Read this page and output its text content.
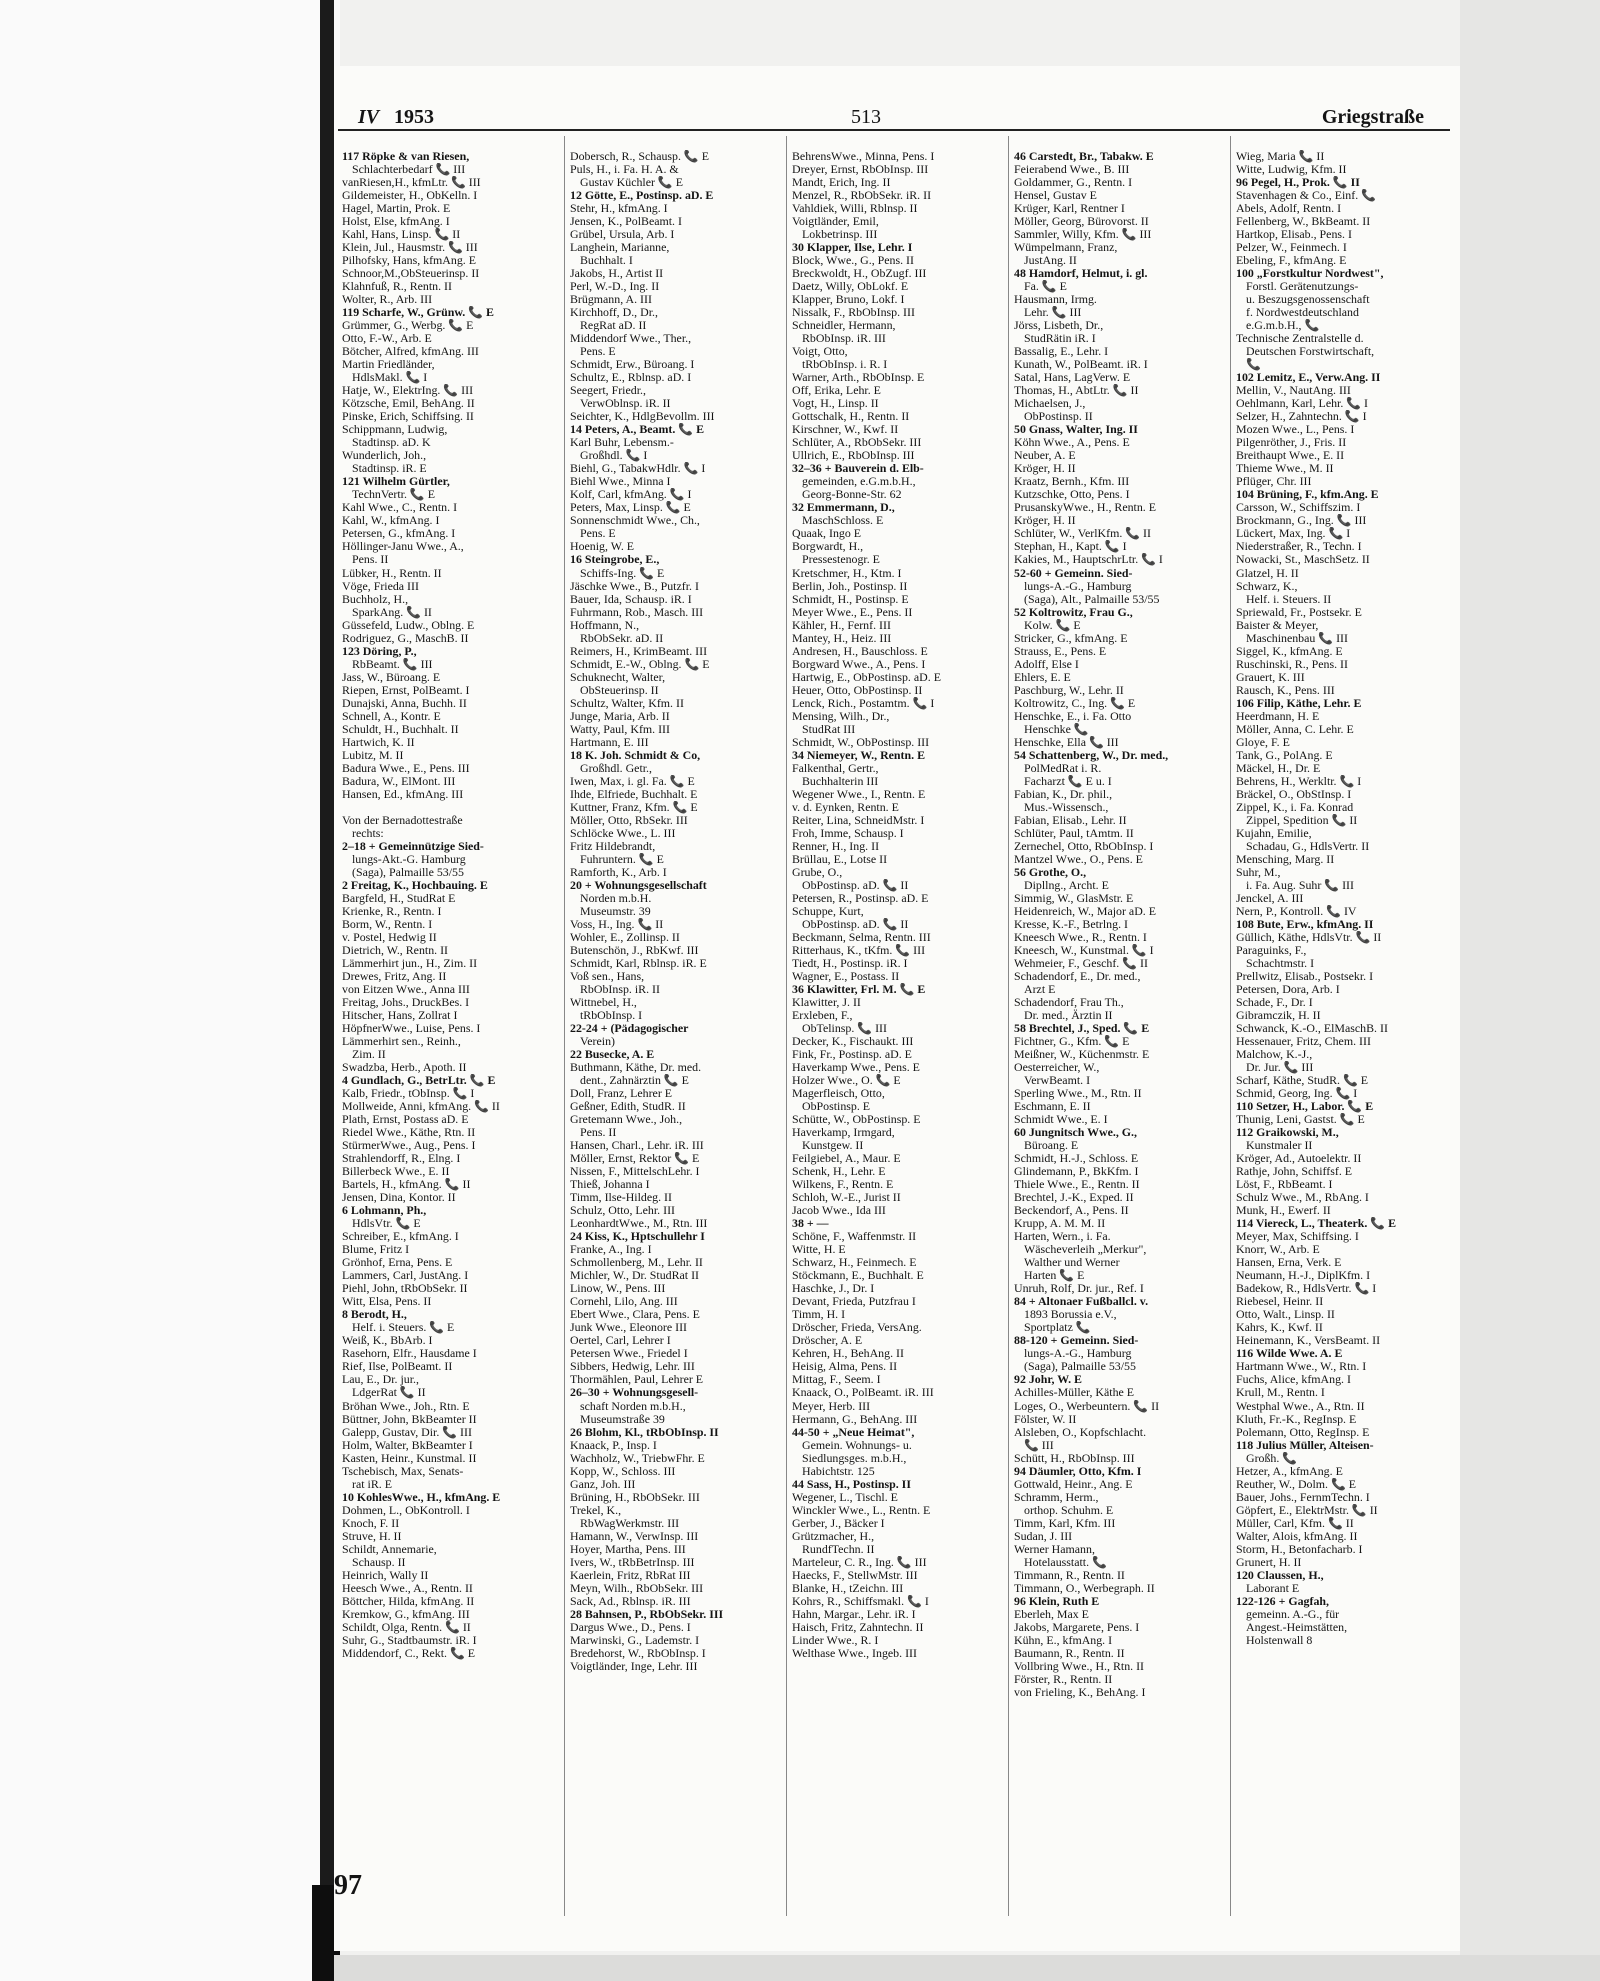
IV 1953	513	Griegstraße
117 Röpke & van Riesen,
Schlachterbedarf 📞 III
vanRiesen,H., kfmLtr. 📞 III
Gildemeister, H., ObKelln. I
Hagel, Martin, Prok. E
Holst, Else, kfmAng. I
Kahl, Hans, Linsp. 📞 II
Klein, Jul., Hausmstr. 📞 III
Pilhofsky, Hans, kfmAng. E
Schnoor,M.,ObSteuerinsp. II
Klahnfuß, R., Rentn. II
Wolter, R., Arb. III
119 Scharfe, W., Grünw. 📞 E
Grümmer, G., Werbg. 📞 E
Otto, F.-W., Arb. E
Bötcher, Alfred, kfmAng. III
Martin Friedländer,
HdlsMakl. 📞 I
Hatje, W., ElektrIng. 📞 III
Kötzsche, Emil, BehAng. II
Pinske, Erich, Schiffsing. II
Schippmann, Ludwig,
Stadtinsp. aD. K
Wunderlich, Joh.,
Stadtinsp. iR. E
121 Wilhelm Gürtler,
TechnVertr. 📞 E
Kahl Wwe., C., Rentn. I
Kahl, W., kfmAng. I
Petersen, G., kfmAng. I
Höllinger-Janu Wwe., A.,
Pens. II
Lübker, H., Rentn. II
Vöge, Frieda III
Buchholz, H.,
SparkAng. 📞 II
Güssefeld, Ludw., Oblng. E
Rodriguez, G., MaschB. II
123 Döring, P.,
RbBeamt. 📞 III
Jass, W., Büroang. E
Riepen, Ernst, PolBeamt. I
Dunajski, Anna, Buchh. II
Schnell, A., Kontr. E
Schuldt, H., Buchhalt. II
Hartwich, K. II
Lubitz, M. II
Badura Wwe., E., Pens. III
Badura, W., ElMont. III
Hansen, Ed., kfmAng. III
Von der Bernadottestraße
rechts:
2–18 + Gemeinnützige Sied-
lungs-Akt.-G. Hamburg
(Saga), Palmaille 53/55
2 Freitag, K., Hochbauing. E
Bargfeld, H., StudRat E
Krienke, R., Rentn. I
Borm, W., Rentn. I
v. Postel, Hedwig II
Dietrich, W., Rentn. II
Lämmerhirt jun., H., Zim. II
Drewes, Fritz, Ang. II
von Eitzen Wwe., Anna III
Freitag, Johs., DruckBes. I
Hitscher, Hans, Zollrat I
HöpfnerWwe., Luise, Pens. I
Lämmerhirt sen., Reinh.,
Zim. II
Swadzba, Herb., Apoth. II
4 Gundlach, G., BetrLtr. 📞 E
Kalb, Friedr., tObInsp. 📞 I
Mollweide, Anni, kfmAng. 📞 II
Plath, Ernst, Postass aD. E
Riedel Wwe., Käthe, Rtn. II
StürmerWwe., Aug., Pens. I
Strahlendorff, R., Elng. I
Billerbeck Wwe., E. II
Bartels, H., kfmAng. 📞 II
Jensen, Dina, Kontor. II
6 Lohmann, Ph.,
HdlsVtr. 📞 E
Schreiber, E., kfmAng. I
Blume, Fritz I
Grönhof, Erna, Pens. E
Lammers, Carl, JustAng. I
Piehl, John, tRbObSekr. II
Witt, Elsa, Pens. II
8 Berodt, H.,
Helf. i. Steuers. 📞 E
Weiß, K., BbArb. I
Rasehorn, Elfr., Hausdame I
Rief, Ilse, PolBeamt. II
Lau, E., Dr. jur.,
LdgerRat 📞 II
Bröhan Wwe., Joh., Rtn. E
Büttner, John, BkBeamter II
Galepp, Gustav, Dir. 📞 III
Holm, Walter, BkBeamter I
Kasten, Heinr., Kunstmal. II
Tschebisch, Max, Senats-
rat iR. E
10 KohlesWwe., H., kfmAng. E
Dohmen, L., ObKontroll. I
Knoch, F. II
Struve, H. II
Schildt, Annemarie,
Schausp. II
Heinrich, Wally II
Heesch Wwe., A., Rentn. II
Böttcher, Hilda, kfmAng. II
Kremkow, G., kfmAng. III
Schildt, Olga, Rentn. 📞 II
Suhr, G., Stadtbaumstr. iR. I
Middendorf, C., Rekt. 📞 E
Dobersch, R., Schausp. 📞 E
Puls, H., i. Fa. H. A. &
Gustav Küchler 📞 E
12 Götte, E., Postinsp. aD. E
Stehr, H., kfmAng. I
Jensen, K., PolBeamt. I
Grübel, Ursula, Arb. I
Langhein, Marianne,
Buchhalt. I
Jakobs, H., Artist II
Perl, W.-D., Ing. II
Brügmann, A. III
Kirchhoff, D., Dr.,
RegRat aD. II
Middendorf Wwe., Ther.,
Pens. E
Schmidt, Erw., Büroang. I
Schultz, E., Rblnsp. aD. I
Seegert, Friedr.,
VerwOblnsp. iR. II
Seichter, K., HdlgBevollm. III
14 Peters, A., Beamt. 📞 E
Karl Buhr, Lebensm.-
Großhdl. 📞 I
Biehl, G., TabakwHdlr. 📞 I
Biehl Wwe., Minna I
Kolf, Carl, kfmAng. 📞 I
Peters, Max, Linsp. 📞 E
Sonnenschmidt Wwe., Ch.,
Pens. E
Hoenig, W. E
16 Steingrobe, E.,
Schiffs-Ing. 📞 E
Jäschke Wwe., B., Putzfr. I
Bauer, Ida, Schausp. iR. I
Fuhrmann, Rob., Masch. III
Hoffmann, N.,
RbObSekr. aD. II
Reimers, H., KrimBeamt. III
Schmidt, E.-W., Oblng. 📞 E
Schuknecht, Walter,
ObSteuerinsp. II
Schultz, Walter, Kfm. II
Junge, Maria, Arb. II
Watty, Paul, Kfm. III
Hartmann, E. III
18 K. Joh. Schmidt & Co,
Großhdl. Getr.,
Iwen, Max, i. gl. Fa. 📞 E
Ihde, Elfriede, Buchhalt. E
Kuttner, Franz, Kfm. 📞 E
Möller, Otto, RbSekr. III
Schlöcke Wwe., L. III
Fritz Hildebrandt,
Fuhruntern. 📞 E
Ramforth, K., Arb. I
20 + Wohnungsgesellschaft
Norden m.b.H.
Museumstr. 39
Voss, H., Ing. 📞 II
Wohler, E., Zollinsp. II
Butenschön, J., RbKwf. III
Schmidt, Karl, Rblnsp. iR. E
Voß sen., Hans,
RbObInsp. iR. II
Wittnebel, H.,
tRbObInsp. I
22-24 + (Pädagogischer
Verein)
22 Busecke, A. E
Buthmann, Käthe, Dr. med.
dent., Zahnärztin 📞 E
Doll, Franz, Lehrer E
Geßner, Edith, StudR. II
Gretemann Wwe., Joh.,
Pens. II
Hansen, Charl., Lehr. iR. III
Möller, Ernst, Rektor 📞 E
Nissen, F., MittelschLehr. I
Thieß, Johanna I
Timm, Ilse-Hildeg. II
Schulz, Otto, Lehr. III
LeonhardtWwe., M., Rtn. III
24 Kiss, K., Hptschullehr I
Franke, A., Ing. I
Schmollenberg, M., Lehr. II
Michler, W., Dr. StudRat II
Linow, W., Pens. III
Cornehl, Lilo, Ang. III
Ebert Wwe., Clara, Pens. E
Junk Wwe., Eleonore III
Oertel, Carl, Lehrer I
Petersen Wwe., Friedel I
Sibbers, Hedwig, Lehr. III
Thormählen, Paul, Lehrer E
26–30 + Wohnungsgesell-
schaft Norden m.b.H.,
Museumstraße 39
26 Blohm, Kl., tRbObInsp. II
Knaack, P., Insp. I
Wachholz, W., TriebwFhr. E
Kopp, W., Schloss. III
Ganz, Joh. III
Brüning, H., RbObSekr. III
Trekel, K.,
RbWagWerkmstr. III
Hamann, W., VerwInsp. III
Hoyer, Martha, Pens. III
Ivers, W., tRbBetrInsp. III
Kaerlein, Fritz, RbRat III
Meyn, Wilh., RbObSekr. III
Sack, Ad., Rblnsp. iR. III
28 Bahnsen, P., RbObSekr. III
Dargus Wwe., D., Pens. I
Marwinski, G., Lademstr. I
Bredehorst, W., RbObInsp. I
Voigtländer, Inge, Lehr. III
BehrensWwe., Minna, Pens. I
Dreyer, Ernst, RbObInsp. III
Mandt, Erich, Ing. II
Menzel, R., RbObSekr. iR. II
Vahldiek, Willi, Rblnsp. II
Voigtländer, Emil,
Lokbetrinsp. III
30 Klapper, Ilse, Lehr. I
Block, Wwe., G., Pens. II
Breckwoldt, H., ObZugf. III
Daetz, Willy, ObLokf. E
Klapper, Bruno, Lokf. I
Nissalk, F., RbObInsp. III
Schneidler, Hermann,
RbObInsp. iR. III
Voigt, Otto,
tRbObInsp. i. R. I
Warner, Arth., RbObInsp. E
Off, Erika, Lehr. E
Vogt, H., Linsp. II
Gottschalk, H., Rentn. II
Kirschner, W., Kwf. II
Schlüter, A., RbObSekr. III
Ullrich, E., RbObInsp. III
32–36 + Bauverein d. Elb-
gemeinden, e.G.m.b.H.,
Georg-Bonne-Str. 62
32 Emmermann, D.,
MaschSchloss. E
Quaak, Ingo E
Borgwardt, H.,
Pressestenogr. E
Kretschmer, H., Ktm. I
Berlin, Joh., Postinsp. II
Schmidt, H., Postinsp. E
Meyer Wwe., E., Pens. II
Kähler, H., Fernf. III
Mantey, H., Heiz. III
Andresen, H., Bauschloss. E
Borgward Wwe., A., Pens. I
Hartwig, E., ObPostinsp. aD. E
Heuer, Otto, ObPostinsp. II
Lenck, Rich., Postamtm. 📞 I
Mensing, Wilh., Dr.,
StudRat III
Schmidt, W., ObPostinsp. III
34 Niemeyer, W., Rentn. E
Falkenthal, Gertr.,
Buchhalterin III
Wegener Wwe., I., Rentn. E
v. d. Eynken, Rentn. E
Reiter, Lina, SchneidMstr. I
Froh, Imme, Schausp. I
Renner, H., Ing. II
Brüllau, E., Lotse II
Grube, O.,
ObPostinsp. aD. 📞 II
Petersen, R., Postinsp. aD. E
Schuppe, Kurt,
ObPostinsp. aD. 📞 II
Beckmann, Selma, Rentn. III
Ritterhaus, K., tKfm. 📞 III
Tiedt, H., Postinsp. iR. I
Wagner, E., Postass. II
36 Klawitter, Frl. M. 📞 E
Klawitter, J. II
Erxleben, F.,
ObTelinsp. 📞 III
Decker, K., Fischaukt. III
Fink, Fr., Postinsp. aD. E
Haverkamp Wwe., Pens. E
Holzer Wwe., O. 📞 E
Magerfleisch, Otto,
ObPostinsp. E
Schütte, W., ObPostinsp. E
Haverkamp, Irmgard,
Kunstgew. II
Feilgiebel, A., Maur. E
Schenk, H., Lehr. E
Wilkens, F., Rentn. E
Schloh, W.-E., Jurist II
Jacob Wwe., Ida III
38 + —
Schöne, F., Waffenmstr. II
Witte, H. E
Schwarz, H., Feinmech. E
Stöckmann, E., Buchhalt. E
Haschke, J., Dr. I
Devant, Frieda, Putzfrau I
Timm, H. I
Dröscher, Frieda, VersAng.
Dröscher, A. E
Kehren, H., BehAng. II
Heisig, Alma, Pens. II
Mittag, F., Seem. I
Knaack, O., PolBeamt. iR. III
Meyer, Herb. III
Hermann, G., BehAng. III
44-50 + „Neue Heimat",
Gemein. Wohnungs- u.
Siedlungsges. m.b.H.,
Habichtstr. 125
44 Sass, H., Postinsp. II
Wegener, L., Tischl. E
Winckler Wwe., L., Rentn. E
Gerber, J., Bäcker I
Grützmacher, H.,
RundfTechn. II
Marteleur, C. R., Ing. 📞 III
Haecks, F., StellwMstr. III
Blanke, H., tZeichn. III
Kohrs, R., Schiffsmakl. 📞 I
Hahn, Margar., Lehr. iR. I
Haisch, Fritz, Zahntechn. II
Linder Wwe., R. I
Welthase Wwe., Ingeb. III
46 Carstedt, Br., Tabakw. E
Feierabend Wwe., B. III
Goldammer, G., Rentn. I
Hensel, Gustav E
Krüger, Karl, Rentner I
Möller, Georg, Bürovorst. II
Sammler, Willy, Kfm. 📞 III
Wümpelmann, Franz,
JustAng. II
48 Hamdorf, Helmut, i. gl.
Fa. 📞 E
Hausmann, Irmg.
Lehr. 📞 III
Jörss, Lisbeth, Dr.,
StudRätin iR. I
Bassalig, E., Lehr. I
Kunath, W., PolBeamt. iR. I
Satal, Hans, LagVerw. E
Thomas, H., AbtLtr. 📞 II
Michaelsen, J.,
ObPostinsp. II
50 Gnass, Walter, Ing. II
Köhn Wwe., A., Pens. E
Neuber, A. E
Kröger, H. II
Kraatz, Bernh., Kfm. III
Kutzschke, Otto, Pens. I
PrusanskyWwe., H., Rentn. E
Kröger, H. II
Schlüter, W., VerlKfm. 📞 II
Stephan, H., Kapt. 📞 I
Kakies, M., HauptschrLtr. 📞 I
52-60 + Gemeinn. Sied-
lungs-A.-G., Hamburg
(Saga), Alt., Palmaille 53/55
52 Koltrowitz, Frau G.,
Kolw. 📞 E
Stricker, G., kfmAng. E
Strauss, E., Pens. E
Adolff, Else I
Ehlers, E. E
Paschburg, W., Lehr. II
Koltrowitz, C., Ing. 📞 E
Henschke, E., i. Fa. Otto
Henschke 📞
Henschke, Ella 📞 III
54 Schattenberg, W., Dr. med.,
PolMedRat i. R.
Facharzt 📞 E u. I
Fabian, K., Dr. phil.,
Mus.-Wissensch.,
Fabian, Elisab., Lehr. II
Schlüter, Paul, tAmtm. II
Zernechel, Otto, RbObInsp. I
Mantzel Wwe., O., Pens. E
56 Grothe, O.,
Dipllng., Archt. E
Simmig, W., GlasMstr. E
Heidenreich, W., Major aD. E
Kresse, K.-F., Betrlng. I
Kneesch Wwe., R., Rentn. I
Kneesch, W., Kunstmal. 📞 I
Wehmeier, F., Geschf. 📞 II
Schadendorf, E., Dr. med.,
Arzt E
Schadendorf, Frau Th.,
Dr. med., Ärztin II
58 Brechtel, J., Sped. 📞 E
Fichtner, G., Kfm. 📞 E
Meißner, W., Küchenmstr. E
Oesterreicher, W.,
VerwBeamt. I
Sperling Wwe., M., Rtn. II
Eschmann, E. II
Schmidt Wwe., E. I
60 Jungnitsch Wwe., G.,
Büroang. E
Schmidt, H.-J., Schloss. E
Glindemann, P., BkKfm. I
Thiele Wwe., E., Rentn. II
Brechtel, J.-K., Exped. II
Beckendorf, A., Pens. II
Krupp, A. M. M. II
Harten, Wern., i. Fa.
Wäscheverleih „Merkur",
Walther und Werner
Harten 📞 E
Unruh, Rolf, Dr. jur., Ref. I
84 + Altonaer Fußballcl. v.
1893 Borussia e.V.,
Sportplatz 📞
88-120 + Gemeinn. Sied-
lungs-A.-G., Hamburg
(Saga), Palmaille 53/55
92 Johr, W. E
Achilles-Müller, Käthe E
Loges, O., Werbeuntern. 📞 II
Fölster, W. II
Alsleben, O., Kopfschlacht.
📞 III
Schütt, H., RbObInsp. III
94 Däumler, Otto, Kfm. I
Gottwald, Heinr., Ang. E
Schramm, Herm.,
orthop. Schuhm. E
Timm, Karl, Kfm. III
Sudan, J. III
Werner Hamann,
Hotelausstatt. 📞
Timmann, R., Rentn. II
Timmann, O., Werbegraph. II
96 Klein, Ruth E
Eberleh, Max E
Jakobs, Margarete, Pens. I
Kühn, E., kfmAng. I
Baumann, R., Rentn. II
Vollbring Wwe., H., Rtn. II
Förster, R., Rentn. II
von Frieling, K., BehAng. I
Wieg, Maria 📞 II
Witte, Ludwig, Kfm. II
96 Pegel, H., Prok. 📞 II
Stavenhagen & Co., Einf. 📞
Abels, Adolf, Rentn. I
Fellenberg, W., BkBeamt. II
Hartkop, Elisab., Pens. I
Pelzer, W., Feinmech. I
Ebeling, F., kfmAng. E
100 „Forstkultur Nordwest",
Forstl. Gerätenutzungs-
u. Beszugsgenossenschaft
f. Nordwestdeutschland
e.G.m.b.H., 📞
Technische Zentralstelle d.
Deutschen Forstwirtschaft,
📞
102 Lemitz, E., Verw.Ang. II
Mellin, V., NautAng. III
Oehlmann, Karl, Lehr. 📞 I
Selzer, H., Zahntechn. 📞 I
Mozen Wwe., L., Pens. I
Pilgenröther, J., Fris. II
Breithaupt Wwe., E. II
Thieme Wwe., M. II
Pflüger, Chr. III
104 Brüning, F., kfm.Ang. E
Carsson, W., Schiffszim. I
Brockmann, G., Ing. 📞 III
Lückert, Max, Ing. 📞 I
Niederstraßer, R., Techn. I
Nowacki, St., MaschSetz. II
Glatzel, H. II
Schwarz, K.,
Helf. i. Steuers. II
Spriewald, Fr., Postsekr. E
Baister & Meyer,
Maschinenbau 📞 III
Siggel, K., kfmAng. E
Ruschinski, R., Pens. II
Grauert, K. III
Rausch, K., Pens. III
106 Filip, Käthe, Lehr. E
Heerdmann, H. E
Möller, Anna, C. Lehr. E
Gloye, F. E
Tank, G., PolAng. E
Mäckel, H., Dr. E
Behrens, H., Werkltr. 📞 I
Bräckel, O., ObStInsp. I
Zippel, K., i. Fa. Konrad
Zippel, Spedition 📞 II
Kujahn, Emilie,
Schadau, G., HdlsVertr. II
Mensching, Marg. II
Suhr, M.,
i. Fa. Aug. Suhr 📞 III
Jenckel, A. III
Nern, P., Kontroll. 📞 IV
108 Bute, Erw., kfmAng. II
Güllich, Käthe, HdlsVtr. 📞 II
Paraguinks, F.,
Schachtmstr. I
Prellwitz, Elisab., Postsekr. I
Petersen, Dora, Arb. I
Schade, F., Dr. I
Gibramczik, H. II
Schwanck, K.-O., ElMaschB. II
Hessenauer, Fritz, Chem. III
Malchow, K.-J.,
Dr. Jur. 📞 III
Scharf, Käthe, StudR. 📞 E
Schmid, Georg, Ing. 📞 I
110 Setzer, H., Labor. 📞 E
Thunig, Leni, Gastst. 📞 E
112 Graikowski, M.,
Kunstmaler II
Kröger, Ad., Autoelektr. II
Rathje, John, Schiffsf. E
Löst, F., RbBeamt. I
Schulz Wwe., M., RbAng. I
Munk, H., Ewerf. II
114 Viereck, L., Theaterk. 📞 E
Meyer, Max, Schiffsing. I
Knorr, W., Arb. E
Hansen, Erna, Verk. E
Neumann, H.-J., DiplKfm. I
Badekow, R., HdlsVertr. 📞 I
Riebesel, Heinr. II
Otto, Walt., Linsp. II
Kahrs, K., Kwf. II
Heinemann, K., VersBeamt. II
116 Wilde Wwe. A. E
Hartmann Wwe., W., Rtn. I
Fuchs, Alice, kfmAng. I
Krull, M., Rentn. I
Westphal Wwe., A., Rtn. II
Kluth, Fr.-K., RegInsp. E
Polemann, Otto, RegInsp. E
118 Julius Müller, Alteisen-
Großh. 📞
Hetzer, A., kfmAng. E
Reuther, W., Dolm. 📞 E
Bauer, Johs., FernmTechn. I
Göpfert, E., ElektrMstr. 📞 II
Müller, Carl, Kfm. 📞 II
Walter, Alois, kfmAng. II
Storm, H., Betonfacharb. I
Grunert, H. II
120 Claussen, H.,
Laborant E
122-126 + Gagfah,
gemeinn. A.-G., für
Angest.-Heimstätten,
Holstenwall 8
97
